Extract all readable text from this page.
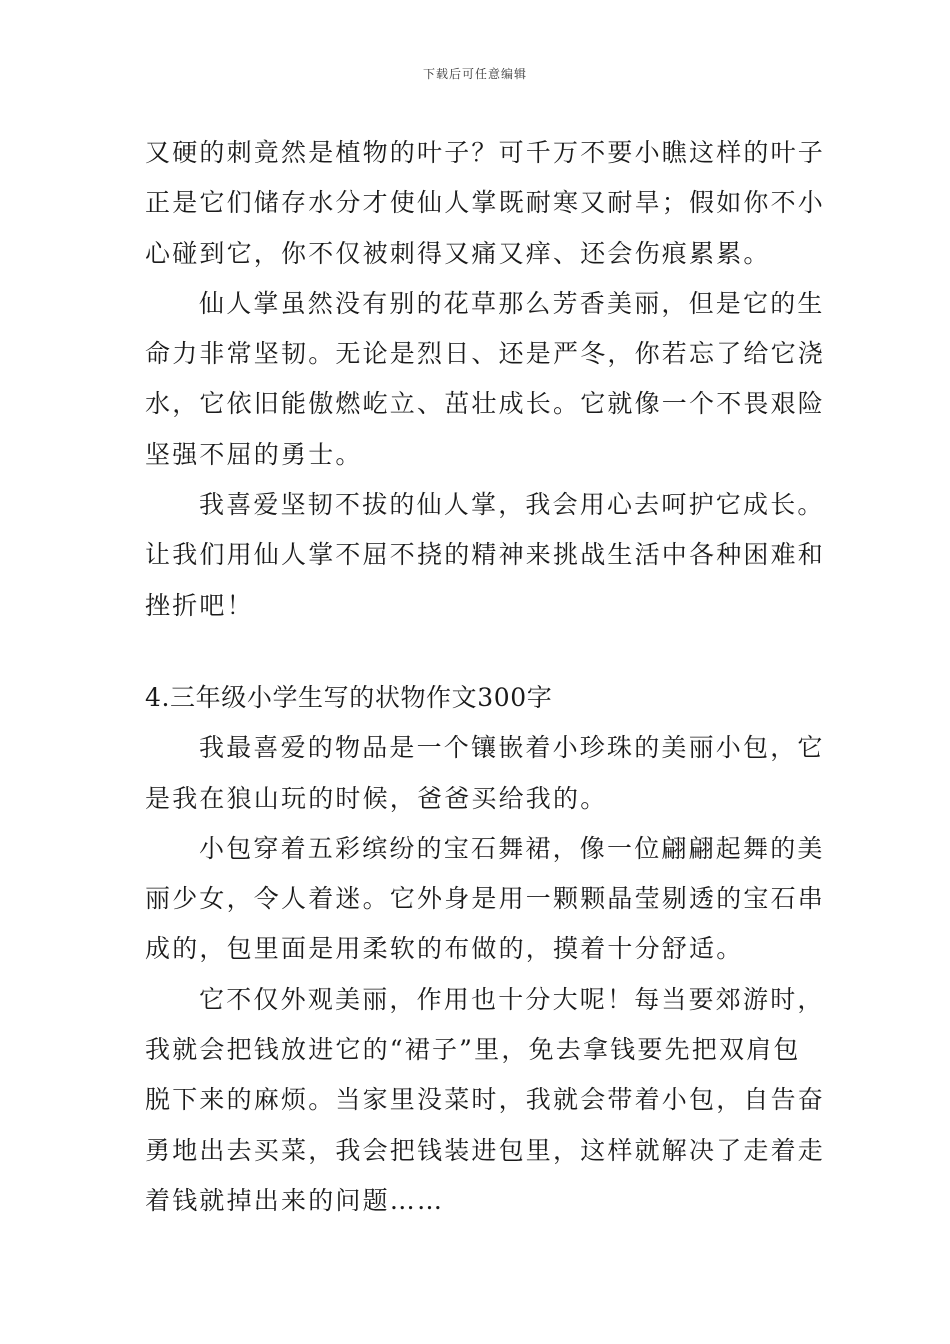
下载后可任意编辑
又硬的刺竟然是植物的叶子？可千万不要小瞧这样的叶子
正是它们储存水分才使仙人掌既耐寒又耐旱；假如你不小
心碰到它，你不仅被刺得又痛又痒、还会伤痕累累。
仙人掌虽然没有别的花草那么芳香美丽，但是它的生
命力非常坚韧。无论是烈日、还是严冬，你若忘了给它浇
水，它依旧能傲燃屹立、茁壮成长。它就像一个不畏艰险
坚强不屈的勇士。
我喜爱坚韧不拔的仙人掌，我会用心去呵护它成长。
让我们用仙人掌不屈不挠的精神来挑战生活中各种困难和
挫折吧！
4.三年级小学生写的状物作文300字
我最喜爱的物品是一个镶嵌着小珍珠的美丽小包，它
是我在狼山玩的时候，爸爸买给我的。
小包穿着五彩缤纷的宝石舞裙，像一位翩翩起舞的美
丽少女，令人着迷。它外身是用一颗颗晶莹剔透的宝石串
成的，包里面是用柔软的布做的，摸着十分舒适。
它不仅外观美丽，作用也十分大呢！每当要郊游时，
我就会把钱放进它的“裙子”里，免去拿钱要先把双肩包
脱下来的麻烦。当家里没菜时，我就会带着小包，自告奋
勇地出去买菜，我会把钱装进包里，这样就解决了走着走
着钱就掉出来的问题……
